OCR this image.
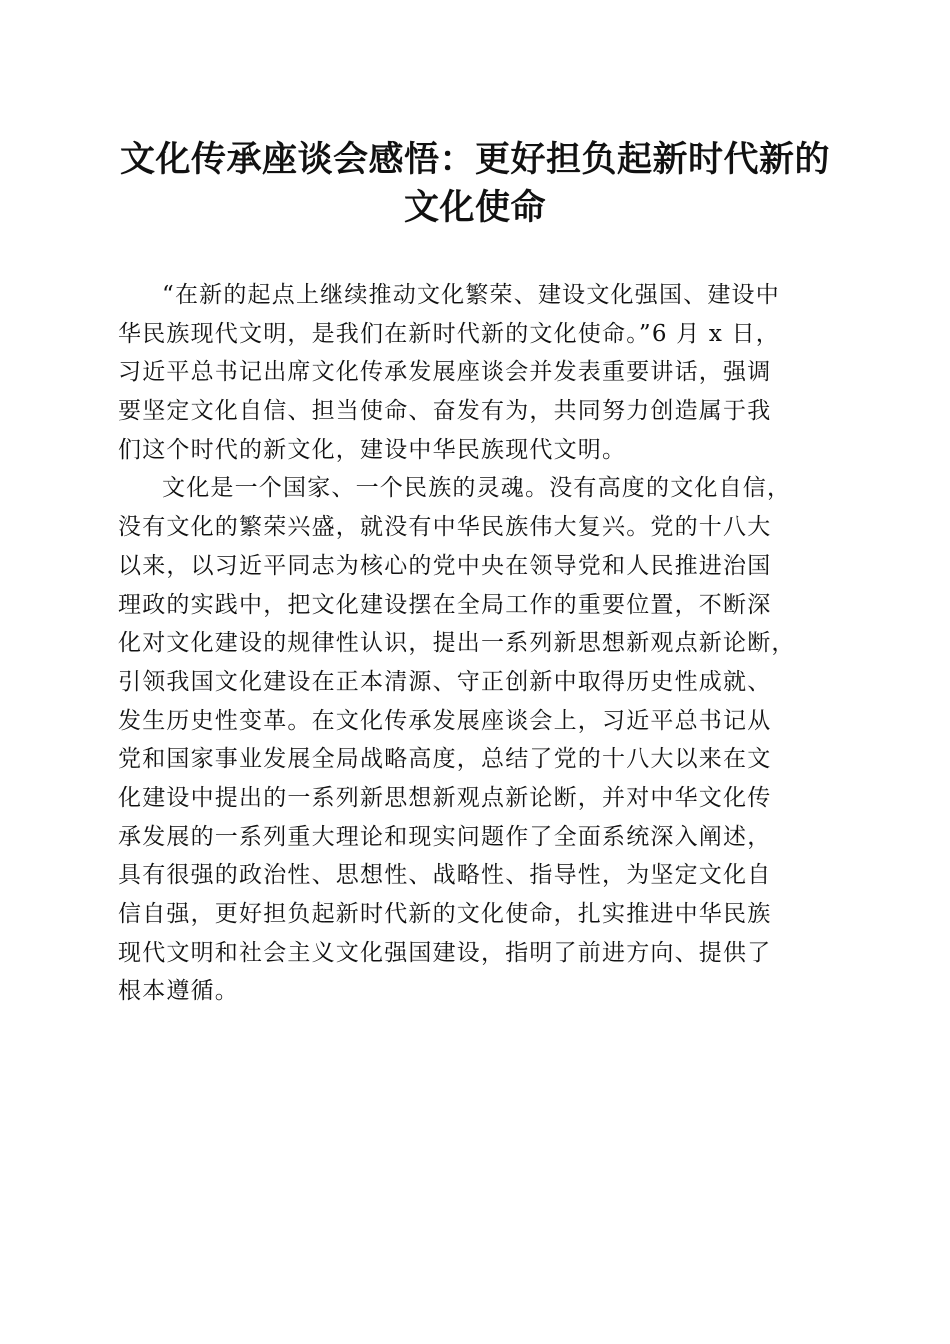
文化传承座谈会感悟：更好担负起新时代新的
文化使命
“在新的起点上继续推动文化繁荣、建设文化强国、建设中
华民族现代文明，是我们在新时代新的文化使命。”6 月 x 日，
习近平总书记出席文化传承发展座谈会并发表重要讲话，强调
要坚定文化自信、担当使命、奋发有为，共同努力创造属于我
们这个时代的新文化，建设中华民族现代文明。
文化是一个国家、一个民族的灵魂。没有高度的文化自信，
没有文化的繁荣兴盛，就没有中华民族伟大复兴。党的十八大
以来，以习近平同志为核心的党中央在领导党和人民推进治国
理政的实践中，把文化建设摆在全局工作的重要位置，不断深
化对文化建设的规律性认识，提出一系列新思想新观点新论断，
引领我国文化建设在正本清源、守正创新中取得历史性成就、
发生历史性变革。在文化传承发展座谈会上，习近平总书记从
党和国家事业发展全局战略高度，总结了党的十八大以来在文
化建设中提出的一系列新思想新观点新论断，并对中华文化传
承发展的一系列重大理论和现实问题作了全面系统深入阐述，
具有很强的政治性、思想性、战略性、指导性，为坚定文化自
信自强，更好担负起新时代新的文化使命，扎实推进中华民族
现代文明和社会主义文化强国建设，指明了前进方向、提供了
根本遵循。
